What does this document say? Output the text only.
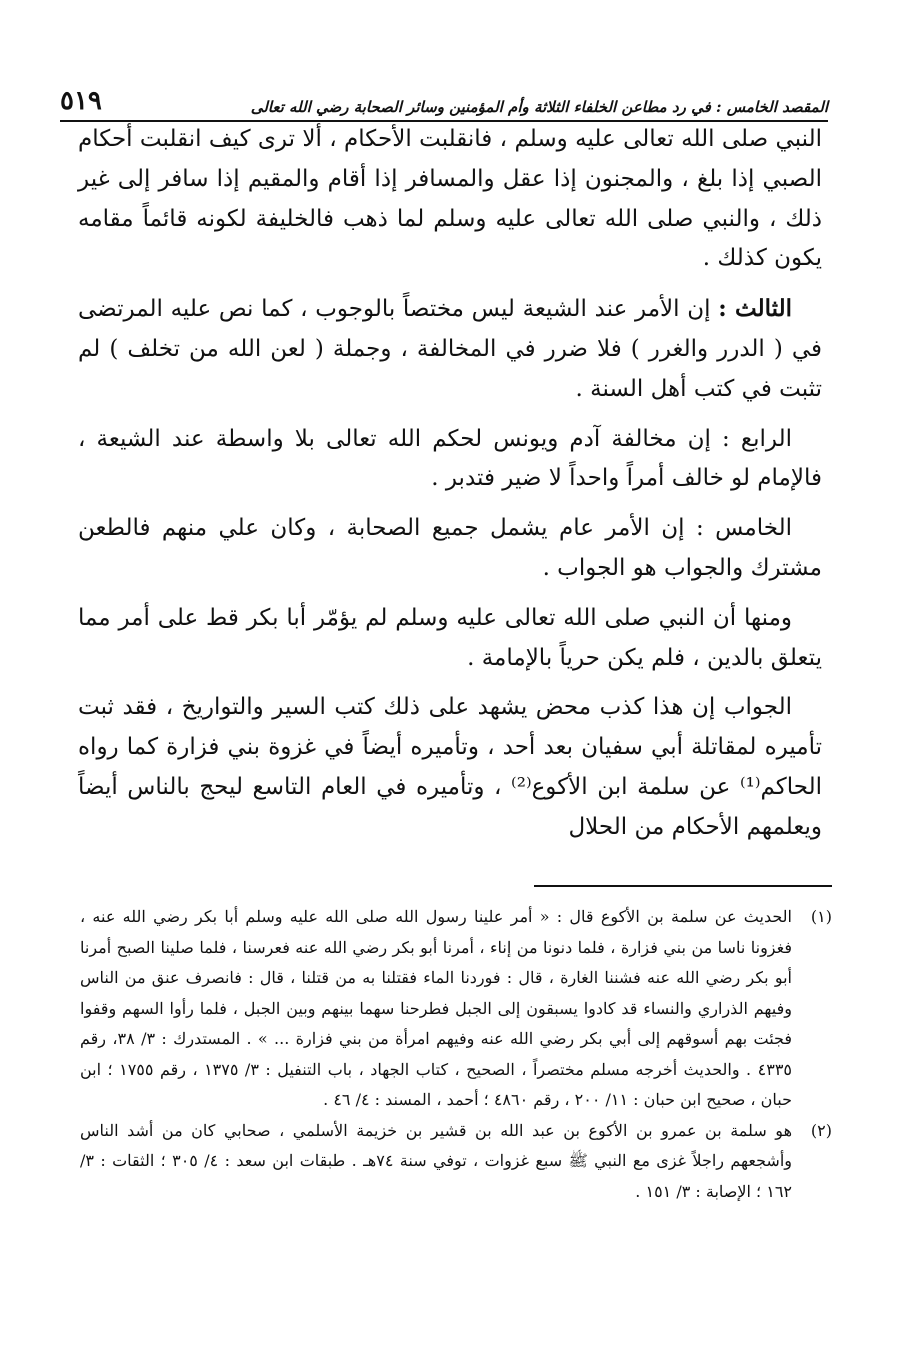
المقصد الخامس : في رد مطاعن الخلفاء الثلاثة وأم المؤمنين وسائر الصحابة رضي الله تعالى
٥١٩

النبي صلى الله تعالى عليه وسلم ، فانقلبت الأحكام ، ألا ترى كيف انقلبت أحكام الصبي إذا بلغ ، والمجنون إذا عقل والمسافر إذا أقام والمقيم إذا سافر إلى غير ذلك ، والنبي صلى الله تعالى عليه وسلم لما ذهب فالخليفة لكونه قائماً مقامه يكون كذلك .

الثالث : إن الأمر عند الشيعة ليس مختصاً بالوجوب ، كما نص عليه المرتضى في ( الدرر والغرر ) فلا ضرر في المخالفة ، وجملة ( لعن الله من تخلف ) لم تثبت في كتب أهل السنة .

الرابع : إن مخالفة آدم ويونس لحكم الله تعالى بلا واسطة عند الشيعة ، فالإمام لو خالف أمراً واحداً لا ضير فتدبر .

الخامس : إن الأمر عام يشمل جميع الصحابة ، وكان علي منهم فالطعن مشترك والجواب هو الجواب .

ومنها أن النبي صلى الله تعالى عليه وسلم لم يؤمّر أبا بكر قط على أمر مما يتعلق بالدين ، فلم يكن حرياً بالإمامة .

الجواب إن هذا كذب محض يشهد على ذلك كتب السير والتواريخ ، فقد ثبت تأميره لمقاتلة أبي سفيان بعد أحد ، وتأميره أيضاً في غزوة بني فزارة كما رواه الحاكم⁽¹⁾ عن سلمة ابن الأكوع⁽²⁾ ، وتأميره في العام التاسع ليحج بالناس أيضاً ويعلمهم الأحكام من الحلال

(١)
الحديث عن سلمة بن الأكوع قال : « أمر علينا رسول الله صلى الله عليه وسلم أبا بكر رضي الله عنه ، فغزونا ناسا من بني فزارة ، فلما دنونا من إناء ، أمرنا أبو بكر رضي الله عنه فعرسنا ، فلما صلينا الصبح أمرنا أبو بكر رضي الله عنه فشننا الغارة ، قال : فوردنا الماء فقتلنا به من قتلنا ، قال : فانصرف عنق من الناس وفيهم الذراري والنساء قد كادوا يسبقون إلى الجبل فطرحنا سهما بينهم وبين الجبل ، فلما رأوا السهم وقفوا فجئت بهم أسوقهم إلى أبي بكر رضي الله عنه وفيهم امرأة من بني فزارة ... » . المستدرك : ٣/ ٣٨، رقم ٤٣٣٥ . والحديث أخرجه مسلم مختصراً ، الصحيح ، كتاب الجهاد ، باب التنفيل : ٣/ ١٣٧٥ ، رقم ١٧٥٥ ؛ ابن حبان ، صحيح ابن حبان : ١١/ ٢٠٠ ، رقم ٤٨٦٠ ؛ أحمد ، المسند : ٤/ ٤٦ .
(٢)
هو سلمة بن عمرو بن الأكوع بن عبد الله بن قشير بن خزيمة الأسلمي ، صحابي كان من أشد الناس وأشجعهم راجلاً غزى مع النبي ﷺ سبع غزوات ، توفي سنة ٧٤هـ . طبقات ابن سعد : ٤/ ٣٠٥ ؛ الثقات : ٣/ ١٦٢ ؛ الإصابة : ٣/ ١٥١ .
